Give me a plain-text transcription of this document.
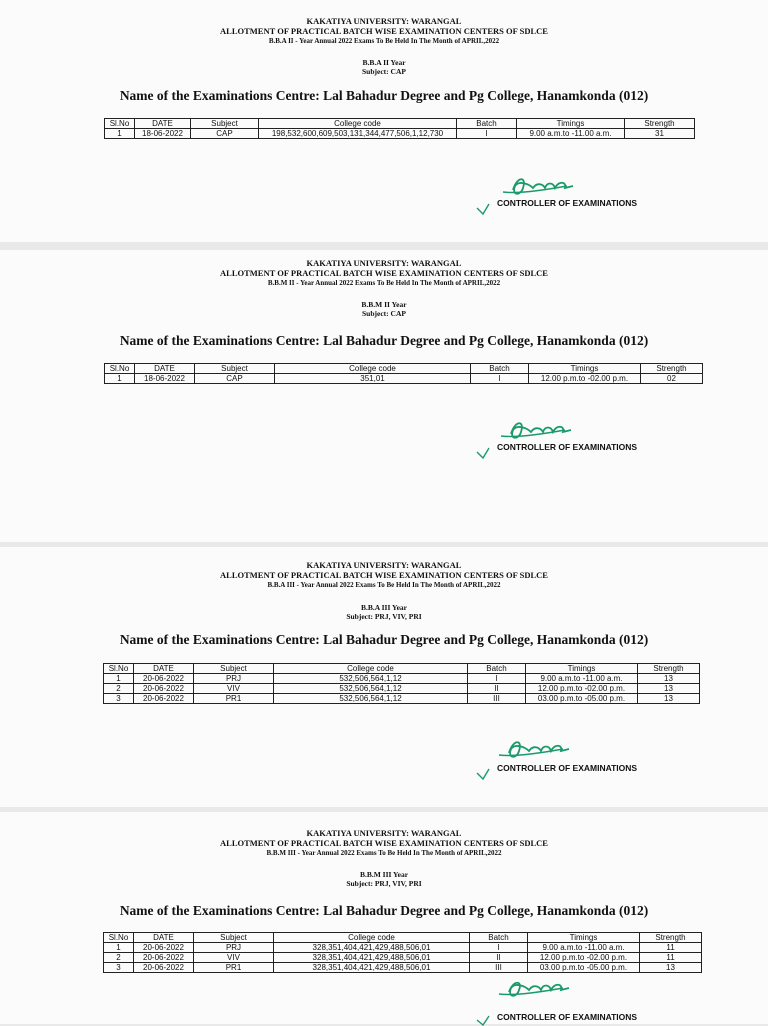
KAKATIYA UNIVERSITY: WARANGAL
ALLOTMENT OF PRACTICAL BATCH WISE EXAMINATION CENTERS OF SDLCE
B.B.A II - Year Annual 2022 Exams To Be Held In The Month of APRIL,2022
B.B.A II Year
Subject: CAP
Name of the Examinations Centre: Lal Bahadur Degree and Pg College, Hanamkonda (012)
Sl.No	DATE	Subject	College code	Batch	Timings	Strength
1	18-06-2022	CAP	198,532,600,609,503,131,344,477,506,1,12,730	I	9.00 a.m.to -11.00 a.m.	31
CONTROLLER OF EXAMINATIONS
KAKATIYA UNIVERSITY: WARANGAL
ALLOTMENT OF PRACTICAL BATCH WISE EXAMINATION CENTERS OF SDLCE
B.B.M II - Year Annual 2022 Exams To Be Held In The Month of APRIL,2022
B.B.M II Year
Subject: CAP
Name of the Examinations Centre: Lal Bahadur Degree and Pg College, Hanamkonda (012)
Sl.No	DATE	Subject	College code	Batch	Timings	Strength
1	18-06-2022	CAP	351,01	I	12.00 p.m.to -02.00 p.m.	02
CONTROLLER OF EXAMINATIONS
KAKATIYA UNIVERSITY: WARANGAL
ALLOTMENT OF PRACTICAL BATCH WISE EXAMINATION CENTERS OF SDLCE
B.B.A III - Year Annual 2022 Exams To Be Held In The Month of APRIL,2022
B.B.A III Year
Subject: PRJ, VIV, PRI
Name of the Examinations Centre: Lal Bahadur Degree and Pg College, Hanamkonda (012)
Sl.No	DATE	Subject	College code	Batch	Timings	Strength
1	20-06-2022	PRJ	532,506,564,1,12	I	9.00 a.m.to -11.00 a.m.	13
2	20-06-2022	VIV	532,506,564,1,12	II	12.00 p.m.to -02.00 p.m.	13
3	20-06-2022	PR1	532,506,564,1,12	III	03.00 p.m.to -05.00 p.m.	13
CONTROLLER OF EXAMINATIONS
KAKATIYA UNIVERSITY: WARANGAL
ALLOTMENT OF PRACTICAL BATCH WISE EXAMINATION CENTERS OF SDLCE
B.B.M III - Year Annual 2022 Exams To Be Held In The Month of APRIL,2022
B.B.M III Year
Subject: PRJ, VIV, PRI
Name of the Examinations Centre: Lal Bahadur Degree and Pg College, Hanamkonda (012)
Sl.No	DATE	Subject	College code	Batch	Timings	Strength
1	20-06-2022	PRJ	328,351,404,421,429,488,506,01	I	9.00 a.m.to -11.00 a.m.	11
2	20-06-2022	VIV	328,351,404,421,429,488,506,01	II	12.00 p.m.to -02.00 p.m.	11
3	20-06-2022	PR1	328,351,404,421,429,488,506,01	III	03.00 p.m.to -05.00 p.m.	13
CONTROLLER OF EXAMINATIONS
